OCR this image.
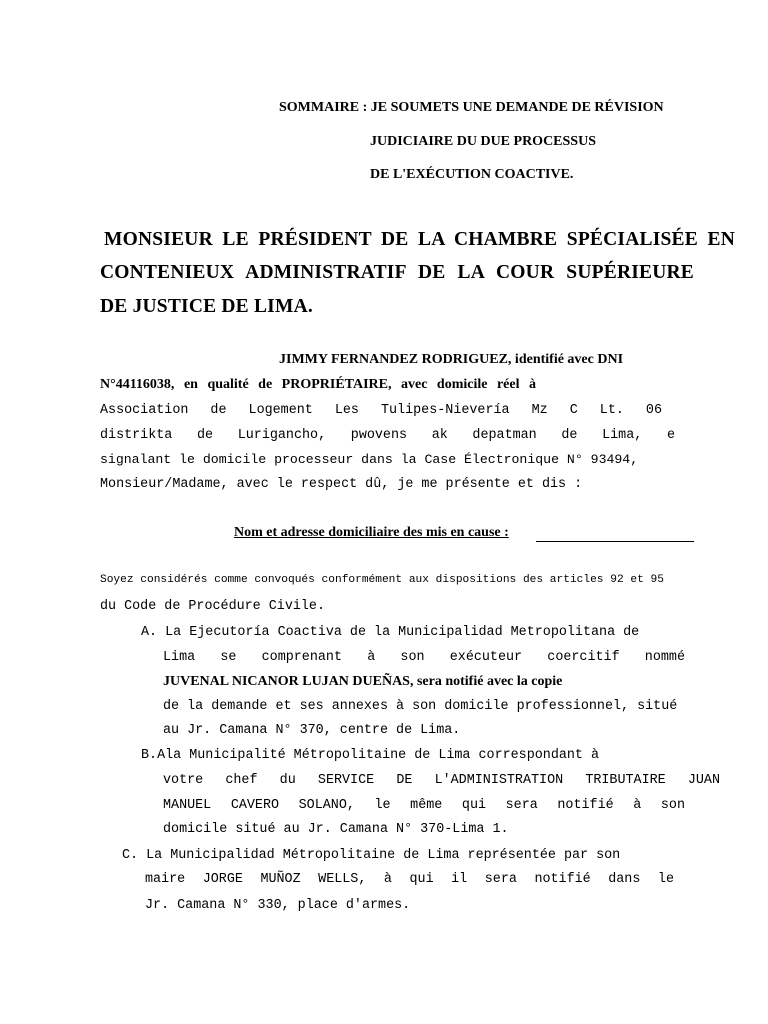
SOMMAIRE : JE SOUMETS UNE DEMANDE DE RÉVISION
JUDICIAIRE DU DUE PROCESSUS
DE L'EXÉCUTION COACTIVE.
MONSIEUR LE PRÉSIDENT DE LA CHAMBRE SPÉCIALISÉE EN
CONTENIEUX ADMINISTRATIF DE LA COUR SUPÉRIEURE
DE JUSTICE DE LIMA.
JIMMY FERNANDEZ RODRIGUEZ, identifié avec DNI
N°44116038, en qualité de PROPRIÉTAIRE, avec domicile réel à
Association de Logement Les Tulipes-Nievería Mz C Lt. 06
distrikta de Lurigancho, pwovens ak depatman de Lima, e
signalant le domicile processeur dans la Case Électronique N° 93494,
Monsieur/Madame, avec le respect dû, je me présente et dis :
Nom et adresse domiciliaire des mis en cause :
Soyez considérés comme convoqués conformément aux dispositions des articles 92 et 95
du Code de Procédure Civile.
A. La Ejecutoría Coactiva de la Municipalidad Metropolitana de
Lima se comprenant à son exécuteur coercitif nommé
JUVENAL NICANOR LUJAN DUEÑAS, sera notifié avec la copie
de la demande et ses annexes à son domicile professionnel, situé
au Jr. Camana N° 370, centre de Lima.
B.Ala Municipalité Métropolitaine de Lima correspondant à
votre chef du SERVICE DE L'ADMINISTRATION TRIBUTAIRE JUAN
MANUEL CAVERO SOLANO, le même qui sera notifié à son
domicile situé au Jr. Camana N° 370-Lima 1.
C. La Municipalidad Métropolitaine de Lima représentée par son
maire JORGE MUÑOZ WELLS, à qui il sera notifié dans le
Jr. Camana N° 330, place d'armes.
